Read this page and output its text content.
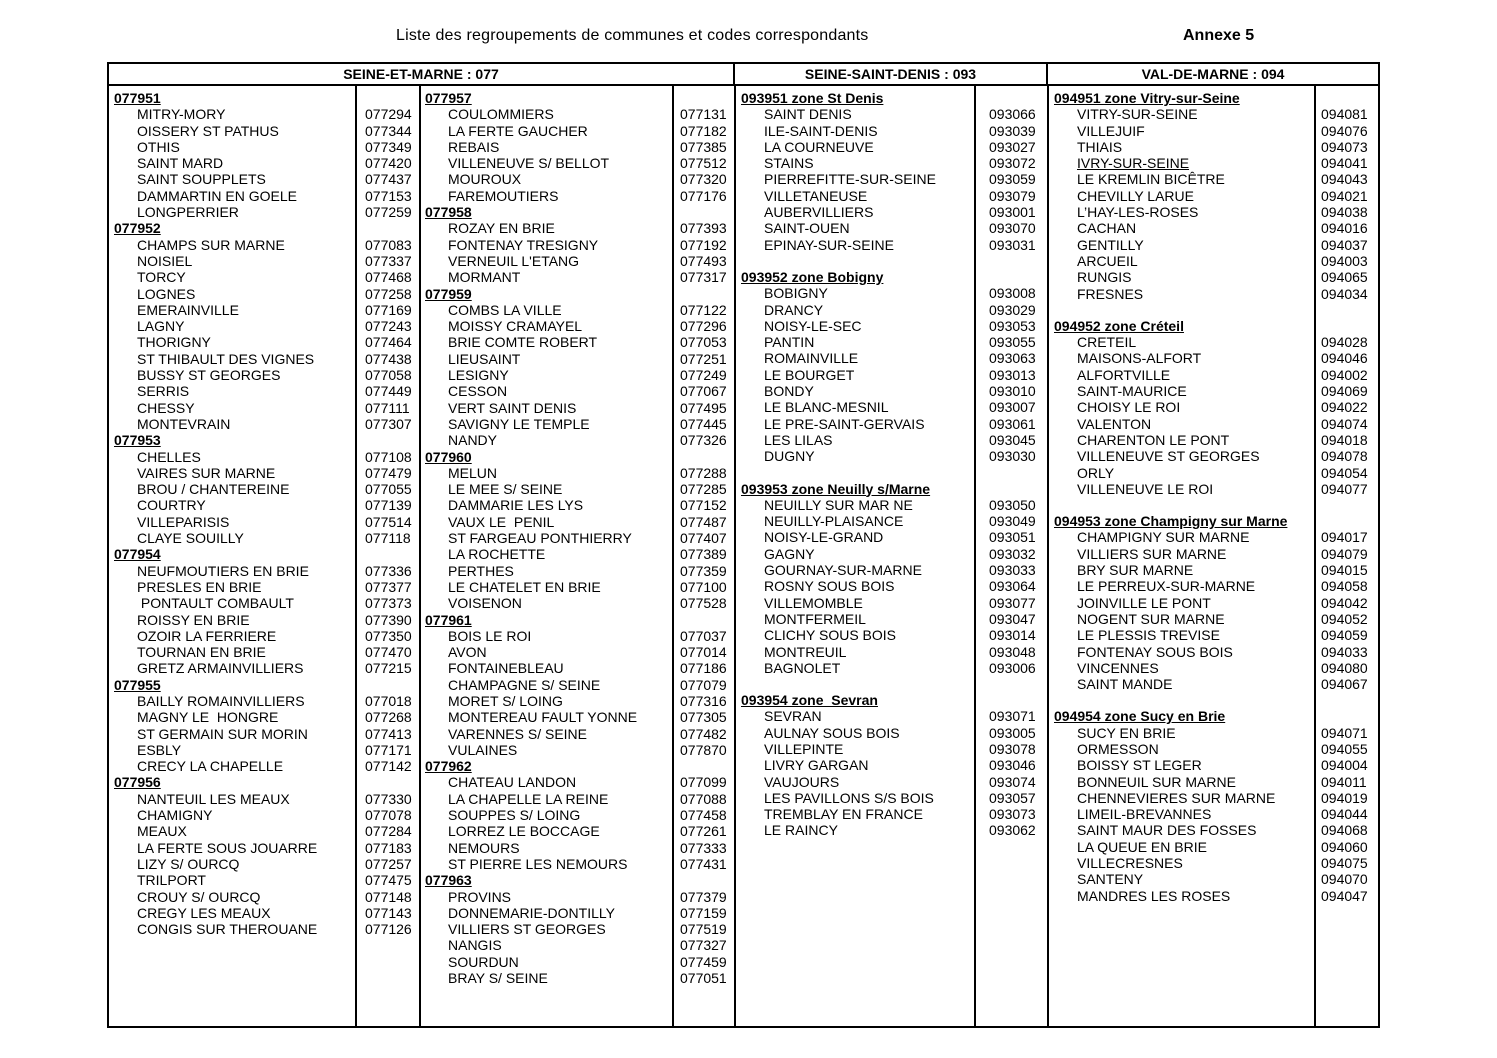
Liste des regroupements de communes et codes correspondants	Annexe 5
SEINE-ET-MARNE : 077	SEINE-SAINT-DENIS : 093	VAL-DE-MARNE : 094
077951
MITRY-MORY	077294
OISSERY ST PATHUS	077344
OTHIS	077349
SAINT MARD	077420
SAINT SOUPPLETS	077437
DAMMARTIN EN GOELE	077153
LONGPERRIER	077259
077952
CHAMPS SUR MARNE	077083
NOISIEL	077337
TORCY	077468
LOGNES	077258
EMERAINVILLE	077169
LAGNY	077243
THORIGNY	077464
ST THIBAULT DES VIGNES	077438
BUSSY ST GEORGES	077058
SERRIS	077449
CHESSY	077111
MONTEVRAIN	077307
077953
CHELLES	077108
VAIRES SUR MARNE	077479
BROU / CHANTEREINE	077055
COURTRY	077139
VILLEPARISIS	077514
CLAYE SOUILLY	077118
077954
NEUFMOUTIERS EN BRIE	077336
PRESLES EN BRIE	077377
PONTAULT COMBAULT	077373
ROISSY EN BRIE	077390
OZOIR LA FERRIERE	077350
TOURNAN EN BRIE	077470
GRETZ ARMAINVILLIERS	077215
077955
BAILLY ROMAINVILLIERS	077018
MAGNY LE  HONGRE	077268
ST GERMAIN SUR MORIN	077413
ESBLY	077171
CRECY LA CHAPELLE	077142
077956
NANTEUIL LES MEAUX	077330
CHAMIGNY	077078
MEAUX	077284
LA FERTE SOUS JOUARRE	077183
LIZY S/ OURCQ	077257
TRILPORT	077475
CROUY S/ OURCQ	077148
CREGY LES MEAUX	077143
CONGIS SUR THEROUANE	077126
077957
COULOMMIERS	077131
LA FERTE GAUCHER	077182
REBAIS	077385
VILLENEUVE S/ BELLOT	077512
MOUROUX	077320
FAREMOUTIERS	077176
077958
ROZAY EN BRIE	077393
FONTENAY TRESIGNY	077192
VERNEUIL L'ETANG	077493
MORMANT	077317
077959
COMBS LA VILLE	077122
MOISSY CRAMAYEL	077296
BRIE COMTE ROBERT	077053
LIEUSAINT	077251
LESIGNY	077249
CESSON	077067
VERT SAINT DENIS	077495
SAVIGNY LE TEMPLE	077445
NANDY	077326
077960
MELUN	077288
LE MEE S/ SEINE	077285
DAMMARIE LES LYS	077152
VAUX LE  PENIL	077487
ST FARGEAU PONTHIERRY	077407
LA ROCHETTE	077389
PERTHES	077359
LE CHATELET EN BRIE	077100
VOISENON	077528
077961
BOIS LE ROI	077037
AVON	077014
FONTAINEBLEAU	077186
CHAMPAGNE S/ SEINE	077079
MORET S/ LOING	077316
MONTEREAU FAULT YONNE	077305
VARENNES S/ SEINE	077482
VULAINES	077870
077962
CHATEAU LANDON	077099
LA CHAPELLE LA REINE	077088
SOUPPES S/ LOING	077458
LORREZ LE BOCCAGE	077261
NEMOURS	077333
ST PIERRE LES NEMOURS	077431
077963
PROVINS	077379
DONNEMARIE-DONTILLY	077159
VILLIERS ST GEORGES	077519
NANGIS	077327
SOURDUN	077459
BRAY S/ SEINE	077051
093951 zone St Denis
SAINT DENIS	093066
ILE-SAINT-DENIS	093039
LA COURNEUVE	093027
STAINS	093072
PIERREFITTE-SUR-SEINE	093059
VILLETANEUSE	093079
AUBERVILLIERS	093001
SAINT-OUEN	093070
EPINAY-SUR-SEINE	093031
093952 zone Bobigny
BOBIGNY	093008
DRANCY	093029
NOISY-LE-SEC	093053
PANTIN	093055
ROMAINVILLE	093063
LE BOURGET	093013
BONDY	093010
LE BLANC-MESNIL	093007
LE PRE-SAINT-GERVAIS	093061
LES LILAS	093045
DUGNY	093030
093953 zone Neuilly s/Marne
NEUILLY SUR MAR NE	093050
NEUILLY-PLAISANCE	093049
NOISY-LE-GRAND	093051
GAGNY	093032
GOURNAY-SUR-MARNE	093033
ROSNY SOUS BOIS	093064
VILLEMOMBLE	093077
MONTFERMEIL	093047
CLICHY SOUS BOIS	093014
MONTREUIL	093048
BAGNOLET	093006
093954 zone  Sevran
SEVRAN	093071
AULNAY SOUS BOIS	093005
VILLEPINTE	093078
LIVRY GARGAN	093046
VAUJOURS	093074
LES PAVILLONS S/S BOIS	093057
TREMBLAY EN FRANCE	093073
LE RAINCY	093062
094951 zone Vitry-sur-Seine
VITRY-SUR-SEINE	094081
VILLEJUIF	094076
THIAIS	094073
IVRY-SUR-SEINE	094041
LE KREMLIN BICÊTRE	094043
CHEVILLY LARUE	094021
L’HAY-LES-ROSES	094038
CACHAN	094016
GENTILLY	094037
ARCUEIL	094003
RUNGIS	094065
FRESNES	094034
094952 zone Créteil
CRETEIL	094028
MAISONS-ALFORT	094046
ALFORTVILLE	094002
SAINT-MAURICE	094069
CHOISY LE ROI	094022
VALENTON	094074
CHARENTON LE PONT	094018
VILLENEUVE ST GEORGES	094078
ORLY	094054
VILLENEUVE LE ROI	094077
094953 zone Champigny sur Marne
CHAMPIGNY SUR MARNE	094017
VILLIERS SUR MARNE	094079
BRY SUR MARNE	094015
LE PERREUX-SUR-MARNE	094058
JOINVILLE LE PONT	094042
NOGENT SUR MARNE	094052
LE PLESSIS TREVISE	094059
FONTENAY SOUS BOIS	094033
VINCENNES	094080
SAINT MANDE	094067
094954 zone Sucy en Brie
SUCY EN BRIE	094071
ORMESSON	094055
BOISSY ST LEGER	094004
BONNEUIL SUR MARNE	094011
CHENNEVIERES SUR MARNE	094019
LIMEIL-BREVANNES	094044
SAINT MAUR DES FOSSES	094068
LA QUEUE EN BRIE	094060
VILLECRESNES	094075
SANTENY	094070
MANDRES LES ROSES	094047
